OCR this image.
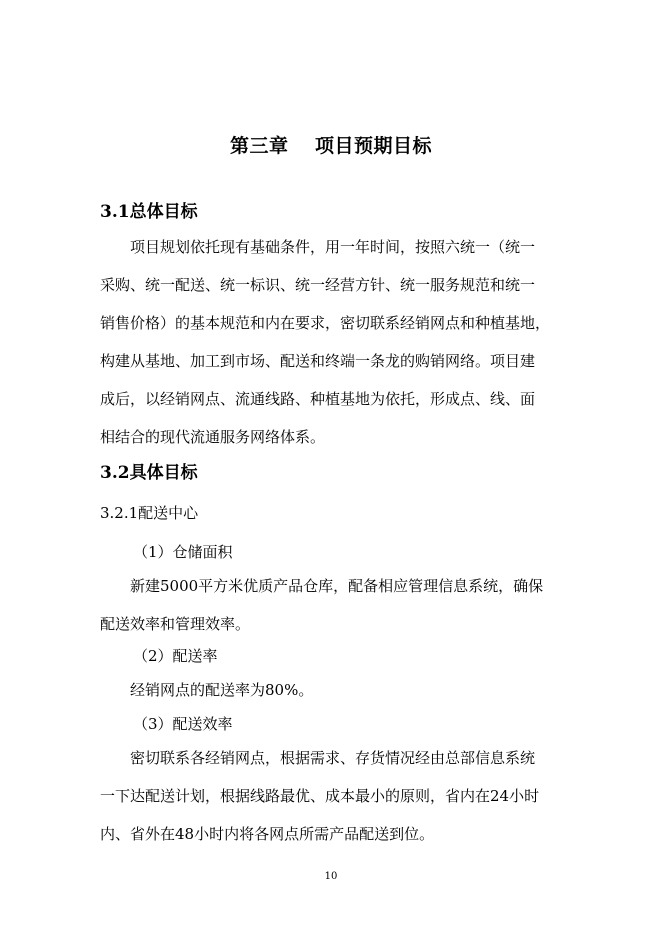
第三章　 项目预期目标
3.1总体目标
项目规划依托现有基础条件，用一年时间，按照六统一（统一
采购、统一配送、统一标识、统一经营方针、统一服务规范和统一
销售价格）的基本规范和内在要求，密切联系经销网点和种植基地，
构建从基地、加工到市场、配送和终端一条龙的购销网络。项目建
成后，以经销网点、流通线路、种植基地为依托，形成点、线、面
相结合的现代流通服务网络体系。
3.2具体目标
3.2.1配送中心
（1）仓储面积
新建5000平方米优质产品仓库，配备相应管理信息系统，确保
配送效率和管理效率。
（2）配送率
经销网点的配送率为80%。
（3）配送效率
密切联系各经销网点，根据需求、存货情况经由总部信息系统
一下达配送计划，根据线路最优、成本最小的原则，省内在24小时
内、省外在48小时内将各网点所需产品配送到位。
10
